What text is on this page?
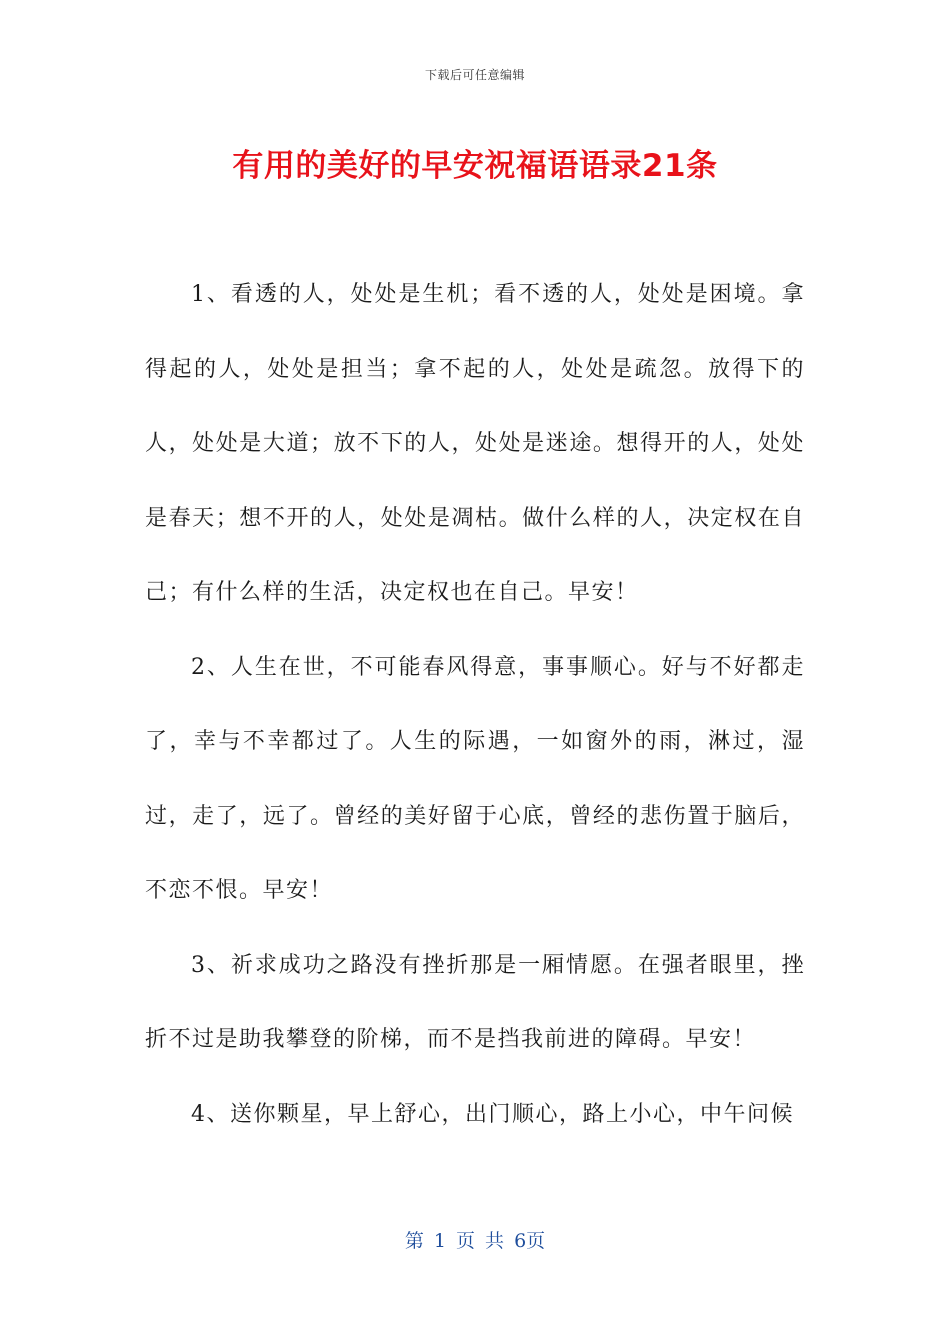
下载后可任意编辑
有用的美好的早安祝福语语录21条

1、看透的人，处处是生机；看不透的人，处处是困境。拿得起的人，处处是担当；拿不起的人，处处是疏忽。放得下的人，处处是大道；放不下的人，处处是迷途。想得开的人，处处是春天；想不开的人，处处是凋枯。做什么样的人，决定权在自己；有什么样的生活，决定权也在自己。早安！

2、人生在世，不可能春风得意，事事顺心。好与不好都走了，幸与不幸都过了。人生的际遇，一如窗外的雨，淋过，湿过，走了，远了。曾经的美好留于心底，曾经的悲伤置于脑后，不恋不恨。早安！

3、祈求成功之路没有挫折那是一厢情愿。在强者眼里，挫折不过是助我攀登的阶梯，而不是挡我前进的障碍。早安！

4、送你颗星，早上舒心，出门顺心，路上小心，中午问候

第 1 页 共 6页
